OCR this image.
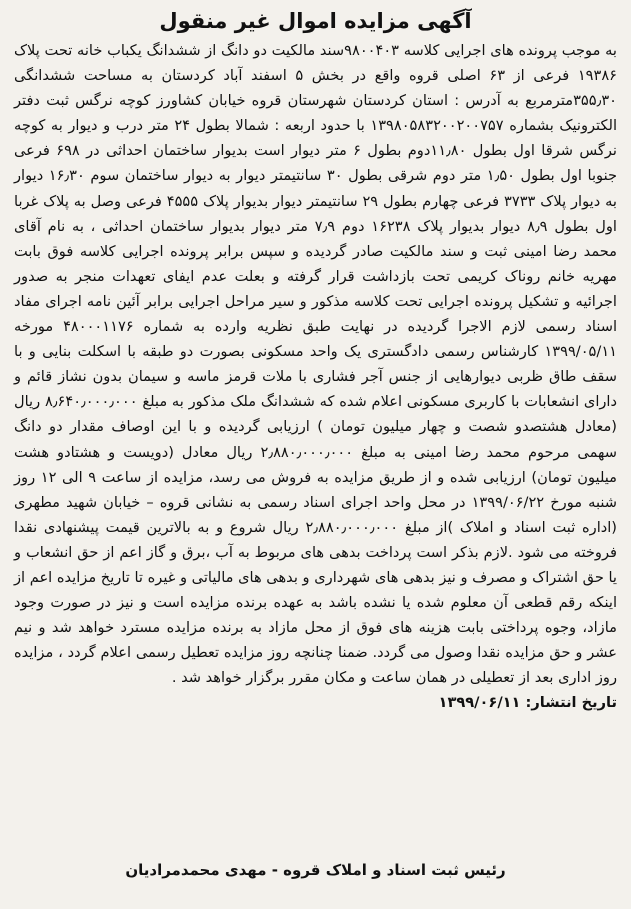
آگهی مزایده اموال غیر منقول

به موجب پرونده های اجرایی کلاسه ۹۸۰۰۴۰۳سند مالکیت دو دانگ از ششدانگ یکباب خانه تحت پلاک ۱۹۳۸۶ فرعی از ۶۳ اصلی قروه واقع در بخش ۵ اسفند آباد کردستان به مساحت ششدانگی ۳۵۵٫۳۰مترمربع به آدرس : استان کردستان شهرستان قروه خیابان کشاورز کوچه نرگس ثبت دفتر الکترونیک بشماره ۱۳۹۸۰۵۸۳۲۰۰۲۰۰۷۵۷ با حدود اربعه : شمالا بطول ۲۴ متر درب و دیوار به کوچه نرگس شرقا اول بطول ۱۱٫۸۰دوم بطول ۶ متر دیوار است بدیوار ساختمان احداثی در ۶۹۸ فرعی جنوبا اول بطول ۱٫۵۰ متر دوم شرقی بطول ۳۰ سانتیمتر دیوار به دیوار ساختمان سوم ۱۶٫۳۰ دیوار به دیوار پلاک ۳۷۳۳ فرعی چهارم بطول ۲۹ سانتیمتر دیوار بدیوار پلاک ۴۵۵۵ فرعی وصل به پلاک غربا اول بطول ۸٫۹ دیوار بدیوار پلاک ۱۶۲۳۸ دوم ۷٫۹ متر دیوار بدیوار ساختمان احداثی ، به نام آقای محمد رضا امینی ثبت و سند مالکیت صادر گردیده و سپس برابر پرونده اجرایی کلاسه فوق بابت مهریه خانم روناک کریمی تحت بازداشت قرار گرفته و بعلت عدم ایفای تعهدات منجر به صدور اجرائیه و تشکیل پرونده اجرایی تحت کلاسه مذکور و سیر مراحل اجرایی برابر آئین نامه اجرای مفاد اسناد رسمی لازم الاجرا گردیده در نهایت طبق نظریه وارده به شماره ۴۸۰۰۰۱۱۷۶ مورخه ۱۳۹۹/۰۵/۱۱ کارشناس رسمی دادگستری یک واحد مسکونی بصورت دو طبقه با اسکلت بنایی و با سقف طاق ظربی دیوارهایی از جنس آجر فشاری با ملات قرمز ماسه و سیمان بدون نشاز قائم و دارای انشعابات با کاربری مسکونی اعلام شده که ششدانگ ملک مذکور به مبلغ ۸٫۶۴۰٫۰۰۰٫۰۰۰ ریال (معادل هشتصدو شصت و چهار میلیون تومان ) ارزیابی گردیده و با این اوصاف مقدار دو دانگ سهمی مرحوم محمد رضا امینی به مبلغ ۲٫۸۸۰٫۰۰۰٫۰۰۰ ریال معادل (دویست و هشتادو هشت میلیون تومان) ارزیابی شده و از طریق مزایده به فروش می رسد، مزایده از ساعت ۹ الی ۱۲ روز شنبه مورخ ۱۳۹۹/۰۶/۲۲ در محل واحد اجرای اسناد رسمی به نشانی قروه – خیابان شهید مطهری (اداره ثبت اسناد و املاک )از مبلغ ۲٫۸۸۰٫۰۰۰٫۰۰۰ ریال شروع و به بالاترین قیمت پیشنهادی نقدا فروخته می شود .لازم بذکر است پرداخت بدهی های مربوط به آب ،برق و گاز اعم از حق انشعاب و یا حق اشتراک و مصرف و نیز بدهی های شهرداری و بدهی های مالیاتی و غیره تا تاریخ مزایده اعم از اینکه رقم قطعی آن معلوم شده یا نشده باشد به عهده برنده مزایده است و نیز در صورت وجود مازاد، وجوه پرداختی بابت هزینه های فوق از محل مازاد به برنده مزایده مسترد خواهد شد و نیم عشر و حق مزایده نقدا وصول می گردد. ضمنا چنانچه روز مزایده تعطیل رسمی اعلام گردد ، مزایده روز اداری بعد از تعطیلی در همان ساعت و مکان مقرر برگزار خواهد شد .
تاریخ انتشار: ۱۳۹۹/۰۶/۱۱

رئیس ثبت اسناد و املاک قروه - مهدی محمدمرادیان
